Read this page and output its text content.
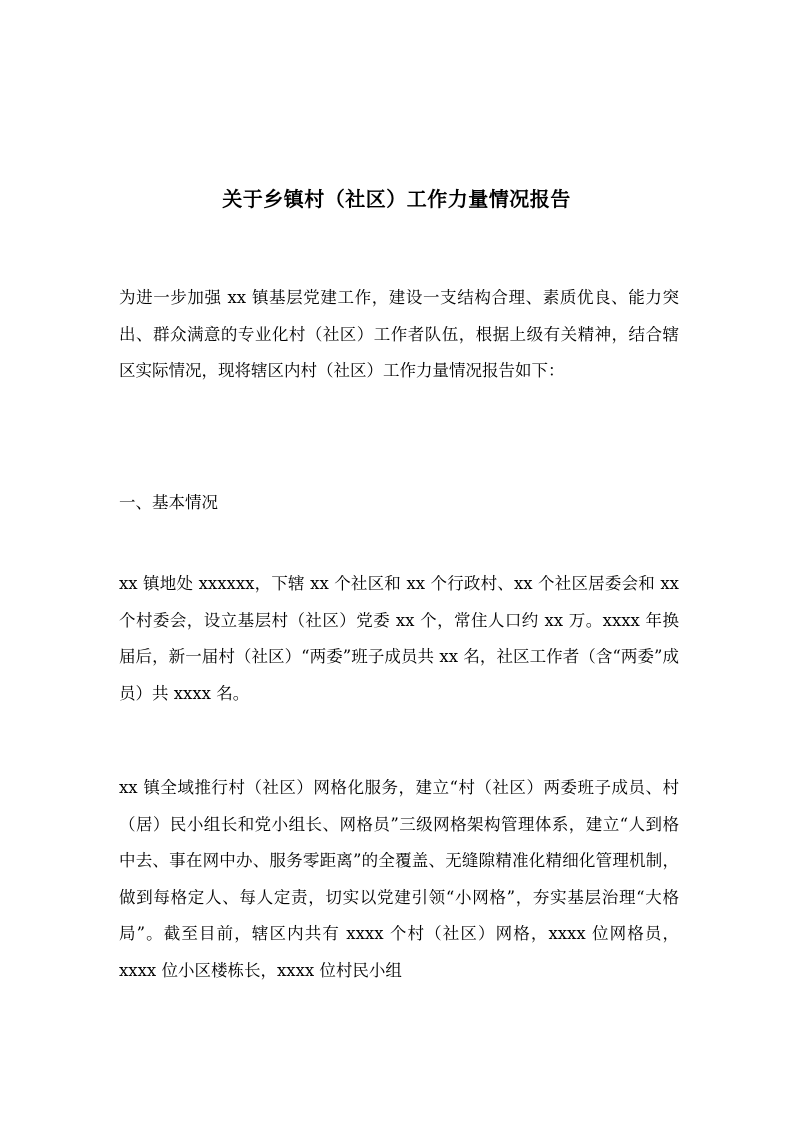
关于乡镇村（社区）工作力量情况报告

为进一步加强 xx 镇基层党建工作，建设一支结构合理、素质优良、能力突出、群众满意的专业化村（社区）工作者队伍，根据上级有关精神，结合辖区实际情况，现将辖区内村（社区）工作力量情况报告如下：

一、基本情况

xx 镇地处 xxxxxx，下辖 xx 个社区和 xx 个行政村、xx 个社区居委会和 xx 个村委会，设立基层村（社区）党委 xx 个，常住人口约 xx 万。xxxx 年换届后，新一届村（社区）“两委”班子成员共 xx 名，社区工作者（含“两委”成员）共 xxxx 名。

xx 镇全域推行村（社区）网格化服务，建立“村（社区）两委班子成员、村（居）民小组长和党小组长、网格员”三级网格架构管理体系，建立“人到格中去、事在网中办、服务零距离”的全覆盖、无缝隙精准化精细化管理机制，做到每格定人、每人定责，切实以党建引领“小网格”，夯实基层治理“大格局”。截至目前，辖区内共有 xxxx 个村（社区）网格，xxxx 位网格员，xxxx 位小区楼栋长，xxxx 位村民小组
